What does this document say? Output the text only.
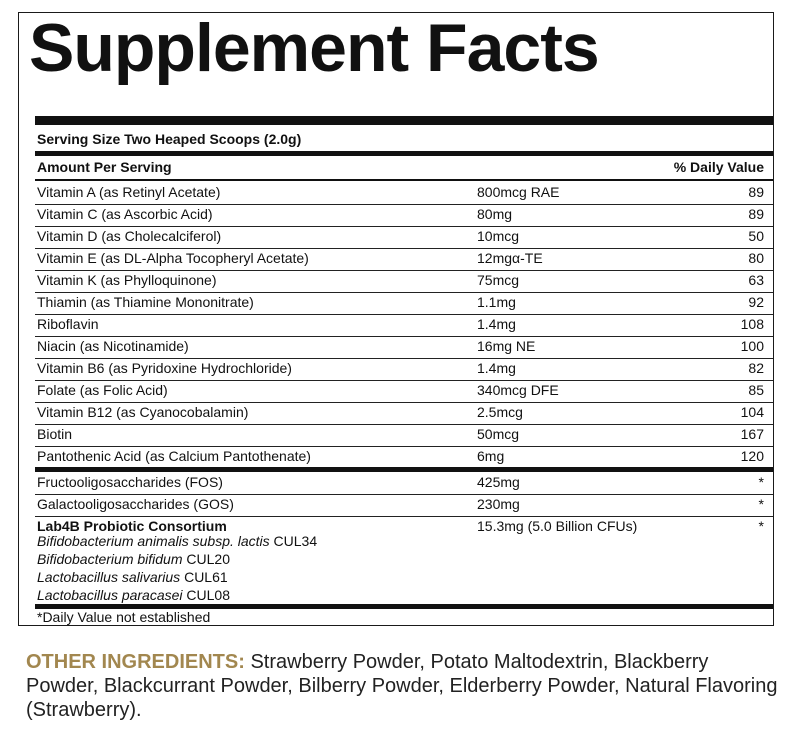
Supplement Facts
Serving Size Two Heaped Scoops (2.0g)
Amount Per Serving	% Daily Value
Vitamin A (as Retinyl Acetate)	800mcg RAE	89
Vitamin C (as Ascorbic Acid)	80mg	89
Vitamin D (as Cholecalciferol)	10mcg	50
Vitamin E (as DL-Alpha Tocopheryl Acetate)	12mgα-TE	80
Vitamin K (as Phylloquinone)	75mcg	63
Thiamin (as Thiamine Mononitrate)	1.1mg	92
Riboflavin	1.4mg	108
Niacin (as Nicotinamide)	16mg NE	100
Vitamin B6 (as Pyridoxine Hydrochloride)	1.4mg	82
Folate (as Folic Acid)	340mcg DFE	85
Vitamin B12 (as Cyanocobalamin)	2.5mcg	104
Biotin	50mcg	167
Pantothenic Acid (as Calcium Pantothenate)	6mg	120
Fructooligosaccharides (FOS)	425mg	*
Galactooligosaccharides (GOS)	230mg	*
Lab4B Probiotic Consortium	15.3mg (5.0 Billion CFUs)	*
Bifidobacterium animalis subsp. lactis CUL34
Bifidobacterium bifidum CUL20
Lactobacillus salivarius CUL61
Lactobacillus paracasei CUL08
*Daily Value not established
OTHER INGREDIENTS: Strawberry Powder, Potato Maltodextrin, Blackberry Powder, Blackcurrant Powder, Bilberry Powder, Elderberry Powder, Natural Flavoring (Strawberry).
